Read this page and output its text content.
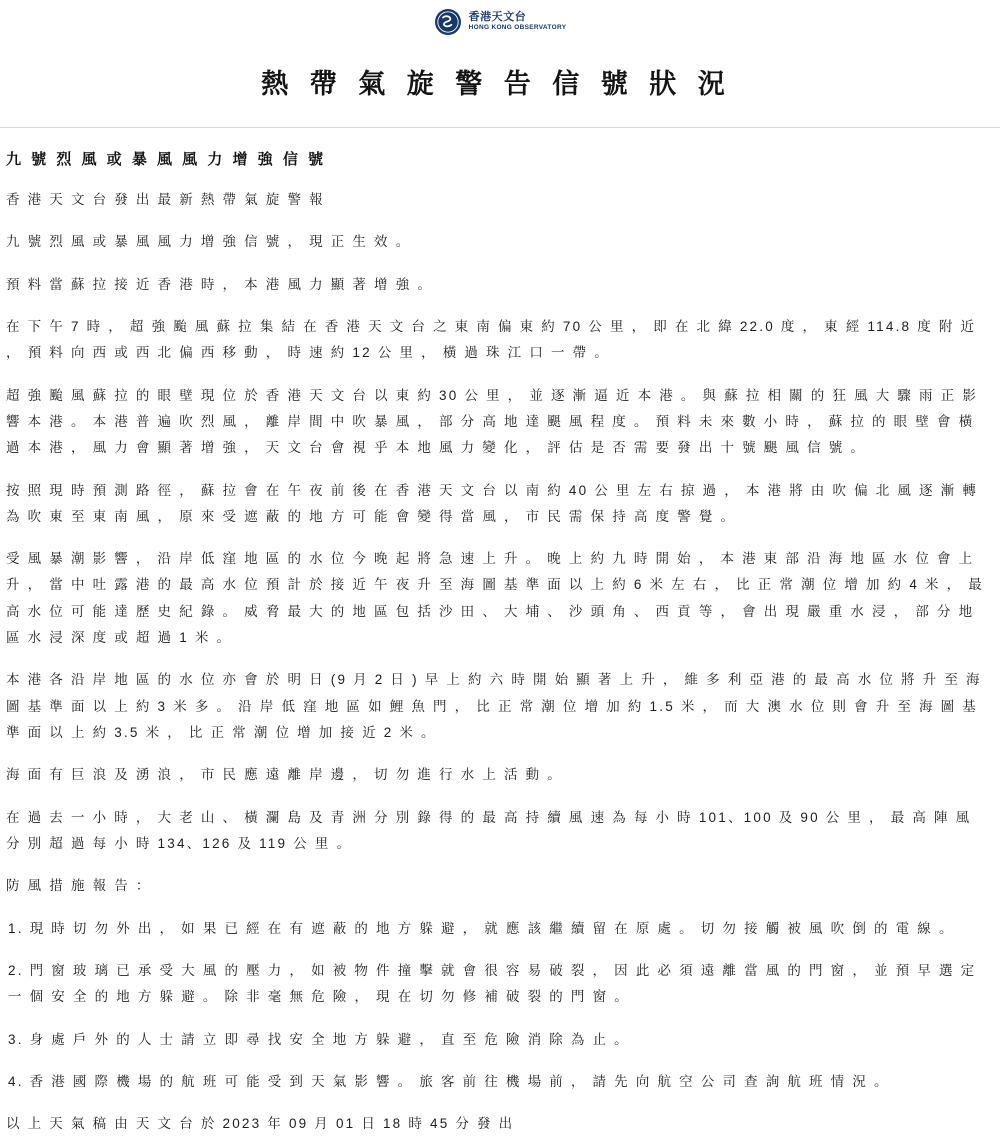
香港天文台
HONG KONG OBSERVATORY
熱 帶 氣 旋 警 告 信 號 狀 況
九 號 烈 風 或 暴 風 風 力 增 強 信 號

香 港 天 文 台 發 出 最 新 熱 帶 氣 旋 警 報

九 號 烈 風 或 暴 風 風 力 增 強 信 號 ， 現 正 生 效 。

預 料 當 蘇 拉 接 近 香 港 時 ， 本 港 風 力 顯 著 增 強 。

在 下 午 7 時 ， 超 強 颱 風 蘇 拉 集 結 在 香 港 天 文 台 之 東 南 偏 東 約 70 公 里 ， 即 在 北 緯 22.0 度 ， 東 經 114.8 度 附 近 ， 預 料 向 西 或 西 北 偏 西 移 動 ， 時 速 約 12 公 里 ， 橫 過 珠 江 口 一 帶 。

超 強 颱 風 蘇 拉 的 眼 壁 現 位 於 香 港 天 文 台 以 東 約 30 公 里 ， 並 逐 漸 逼 近 本 港 。 與 蘇 拉 相 關 的 狂 風 大 驟 雨 正 影 響 本 港 。 本 港 普 遍 吹 烈 風 ， 離 岸 間 中 吹 暴 風 ， 部 分 高 地 達 颶 風 程 度 。 預 料 未 來 數 小 時 ， 蘇 拉 的 眼 壁 會 橫 過 本 港 ， 風 力 會 顯 著 增 強 ， 天 文 台 會 視 乎 本 地 風 力 變 化 ， 評 估 是 否 需 要 發 出 十 號 颶 風 信 號 。

按 照 現 時 預 測 路 徑 ， 蘇 拉 會 在 午 夜 前 後 在 香 港 天 文 台 以 南 約 40 公 里 左 右 掠 過 ， 本 港 將 由 吹 偏 北 風 逐 漸 轉 為 吹 東 至 東 南 風 ， 原 來 受 遮 蔽 的 地 方 可 能 會 變 得 當 風 ， 市 民 需 保 持 高 度 警 覺 。

受 風 暴 潮 影 響 ， 沿 岸 低 窪 地 區 的 水 位 今 晚 起 將 急 速 上 升 。 晚 上 約 九 時 開 始 ， 本 港 東 部 沿 海 地 區 水 位 會 上 升 ， 當 中 吐 露 港 的 最 高 水 位 預 計 於 接 近 午 夜 升 至 海 圖 基 準 面 以 上 約 6 米 左 右 ， 比 正 常 潮 位 增 加 約 4 米 ， 最 高 水 位 可 能 達 歷 史 紀 錄 。 威 脅 最 大 的 地 區 包 括 沙 田 、 大 埔 、 沙 頭 角 、 西 貢 等 ， 會 出 現 嚴 重 水 浸 ， 部 分 地 區 水 浸 深 度 或 超 過 1 米 。

本 港 各 沿 岸 地 區 的 水 位 亦 會 於 明 日 (9 月 2 日 ) 早 上 約 六 時 開 始 顯 著 上 升 ， 維 多 利 亞 港 的 最 高 水 位 將 升 至 海 圖 基 準 面 以 上 約 3 米 多 。 沿 岸 低 窪 地 區 如 鯉 魚 門 ， 比 正 常 潮 位 增 加 約 1.5 米 ， 而 大 澳 水 位 則 會 升 至 海 圖 基 準 面 以 上 約 3.5 米 ， 比 正 常 潮 位 增 加 接 近 2 米 。

海 面 有 巨 浪 及 湧 浪 ， 市 民 應 遠 離 岸 邊 ， 切 勿 進 行 水 上 活 動 。

在 過 去 一 小 時 ， 大 老 山 、 橫 瀾 島 及 青 洲 分 別 錄 得 的 最 高 持 續 風 速 為 每 小 時 101、100 及 90 公 里 ， 最 高 陣 風 分 別 超 過 每 小 時 134、126 及 119 公 里 。

防 風 措 施 報 告 ：

1. 現 時 切 勿 外 出 ， 如 果 已 經 在 有 遮 蔽 的 地 方 躲 避 ， 就 應 該 繼 續 留 在 原 處 。 切 勿 接 觸 被 風 吹 倒 的 電 線 。

2. 門 窗 玻 璃 已 承 受 大 風 的 壓 力 ， 如 被 物 件 撞 擊 就 會 很 容 易 破 裂 ， 因 此 必 須 遠 離 當 風 的 門 窗 ， 並 預 早 選 定 一 個 安 全 的 地 方 躲 避 。 除 非 毫 無 危 險 ， 現 在 切 勿 修 補 破 裂 的 門 窗 。

3. 身 處 戶 外 的 人 士 請 立 即 尋 找 安 全 地 方 躲 避 ， 直 至 危 險 消 除 為 止 。

4. 香 港 國 際 機 場 的 航 班 可 能 受 到 天 氣 影 響 。 旅 客 前 往 機 場 前 ， 請 先 向 航 空 公 司 查 詢 航 班 情 況 。

以 上 天 氣 稿 由 天 文 台 於 2023 年 09 月 01 日 18 時 45 分 發 出
